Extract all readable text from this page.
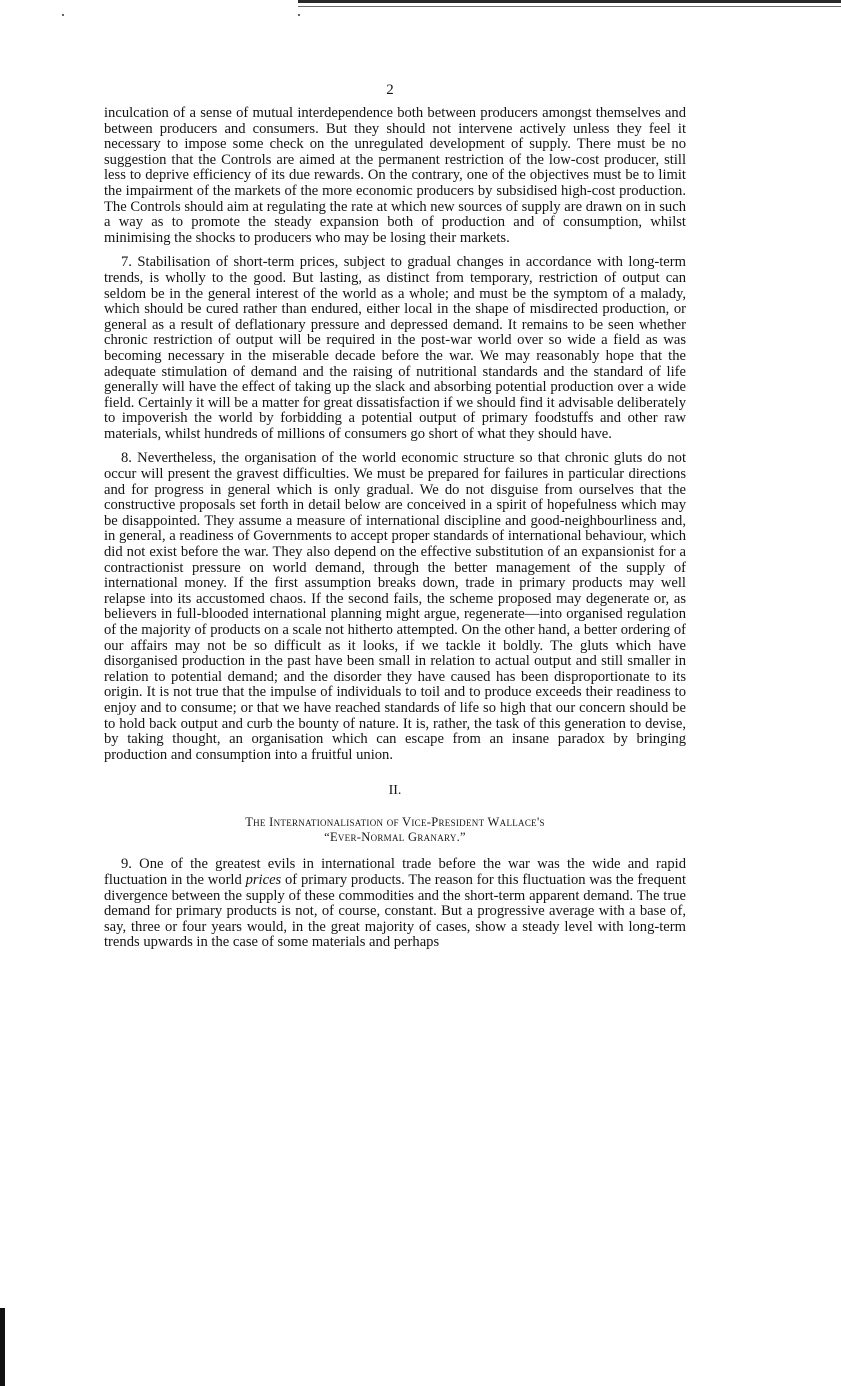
2

inculcation of a sense of mutual interdependence both between producers amongst themselves and between producers and consumers. But they should not intervene actively unless they feel it necessary to impose some check on the unregulated development of supply. There must be no suggestion that the Controls are aimed at the permanent restriction of the low-cost producer, still less to deprive efficiency of its due rewards. On the contrary, one of the objectives must be to limit the impairment of the markets of the more economic producers by subsidised high-cost production. The Controls should aim at regulating the rate at which new sources of supply are drawn on in such a way as to promote the steady expansion both of production and of consumption, whilst minimising the shocks to producers who may be losing their markets.

7. Stabilisation of short-term prices, subject to gradual changes in accordance with long-term trends, is wholly to the good. But lasting, as distinct from temporary, restriction of output can seldom be in the general interest of the world as a whole; and must be the symptom of a malady, which should be cured rather than endured, either local in the shape of misdirected production, or general as a result of deflationary pressure and depressed demand. It remains to be seen whether chronic restriction of output will be required in the post-war world over so wide a field as was becoming necessary in the miserable decade before the war. We may reasonably hope that the adequate stimulation of demand and the raising of nutritional standards and the standard of life generally will have the effect of taking up the slack and absorbing potential production over a wide field. Certainly it will be a matter for great dissatisfaction if we should find it advisable deliberately to impoverish the world by forbidding a potential output of primary foodstuffs and other raw materials, whilst hundreds of millions of consumers go short of what they should have.

8. Nevertheless, the organisation of the world economic structure so that chronic gluts do not occur will present the gravest difficulties. We must be prepared for failures in particular directions and for progress in general which is only gradual. We do not disguise from ourselves that the constructive proposals set forth in detail below are conceived in a spirit of hopefulness which may be disappointed. They assume a measure of international discipline and good-neighbourliness and, in general, a readiness of Governments to accept proper standards of international behaviour, which did not exist before the war. They also depend on the effective substitution of an expansionist for a contractionist pressure on world demand, through the better management of the supply of international money. If the first assumption breaks down, trade in primary products may well relapse into its accustomed chaos. If the second fails, the scheme proposed may degenerate or, as believers in full-blooded international planning might argue, regenerate—into organised regulation of the majority of products on a scale not hitherto attempted. On the other hand, a better ordering of our affairs may not be so difficult as it looks, if we tackle it boldly. The gluts which have disorganised production in the past have been small in relation to actual output and still smaller in relation to potential demand; and the disorder they have caused has been disproportionate to its origin. It is not true that the impulse of individuals to toil and to produce exceeds their readiness to enjoy and to consume; or that we have reached standards of life so high that our concern should be to hold back output and curb the bounty of nature. It is, rather, the task of this generation to devise, by taking thought, an organisation which can escape from an insane paradox by bringing production and consumption into a fruitful union.

II.
The Internationalisation of Vice-President Wallace's
“Ever-Normal Granary.”

9. One of the greatest evils in international trade before the war was the wide and rapid fluctuation in the world prices of primary products. The reason for this fluctuation was the frequent divergence between the supply of these commodities and the short-term apparent demand. The true demand for primary products is not, of course, constant. But a progressive average with a base of, say, three or four years would, in the great majority of cases, show a steady level with long-term trends upwards in the case of some materials and perhaps
